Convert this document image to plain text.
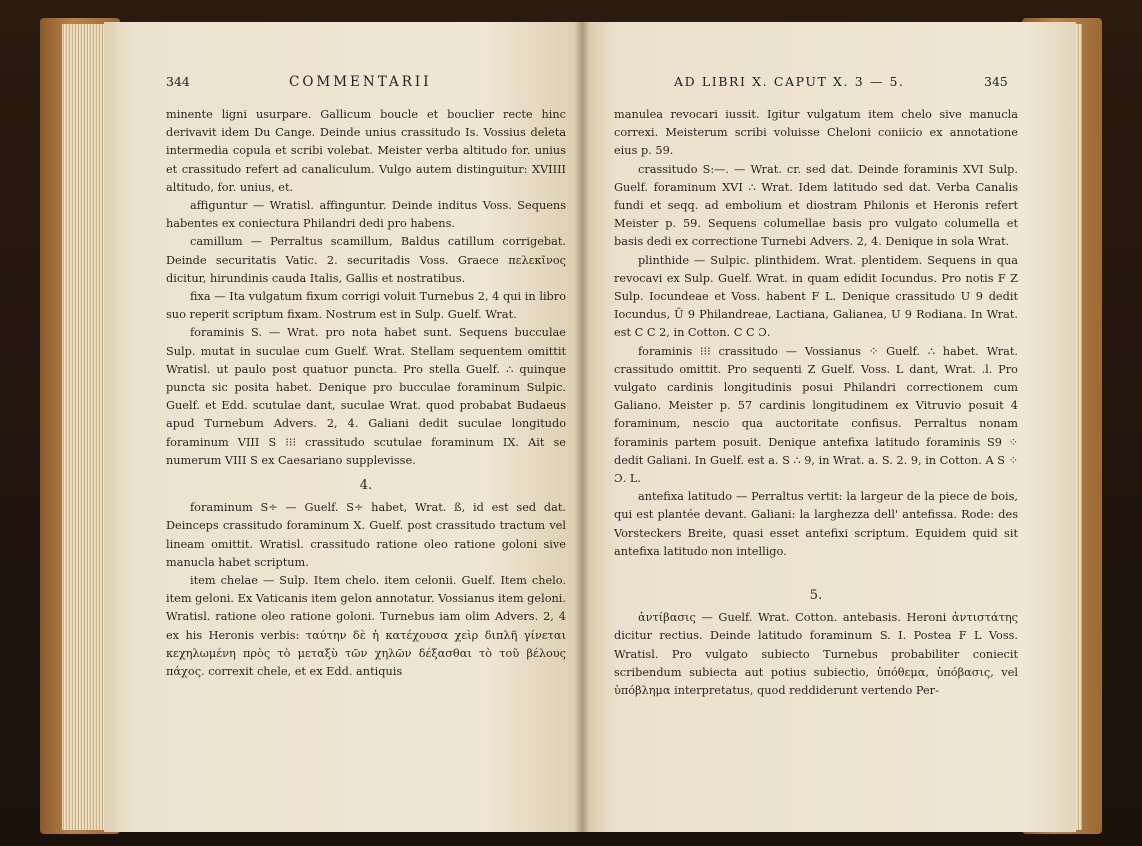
344	COMMENTARII

minente ligni usurpare. Gallicum boucle et bouclier recte hinc derivavit idem Du Cange. Deinde unius crassitudo Is. Vossius deleta intermedia copula et scribi volebat. Meister verba altitudo for. unius et crassitudo refert ad canaliculum. Vulgo autem distinguitur: XVIIII altitudo, for. unius, et.

affiguntur — Wratisl. affinguntur. Deinde inditus Voss. Sequens habentes ex coniectura Philandri dedi pro habens.

camillum — Perraltus scamillum, Baldus catillum corrigebat. Deinde securitatis Vatic. 2. securitadis Voss. Graece πελεκῖνος dicitur, hirundinis cauda Italis, Gallis et nostratibus.

fixa — Ita vulgatum fixum corrigi voluit Turnebus 2, 4 qui in libro suo reperit scriptum fixam. Nostrum est in Sulp. Guelf. Wrat.

foraminis S. — Wrat. pro nota habet sunt. Sequens bucculae Sulp. mutat in suculae cum Guelf. Wrat. Stellam sequentem omittit Wratisl. ut paulo post quatuor puncta. Pro stella Guelf. ∴ quinque puncta sic posita habet. Denique pro bucculae foraminum Sulpic. Guelf. et Edd. scutulae dant, suculae Wrat. quod probabat Budaeus apud Turnebum Advers. 2, 4. Galiani dedit suculae longitudo foraminum VIII S ⁝⁝⁝ crassitudo scutulae foraminum IX. Ait se numerum VIII S ex Caesariano supplevisse.

4.

foraminum S÷ — Guelf. S÷ habet, Wrat. ß, id est sed dat. Deinceps crassitudo foraminum X. Guelf. post crassitudo tractum vel lineam omittit. Wratisl. crassitudo ratione oleo ratione goloni sive manucla habet scriptum.

item chelae — Sulp. Item chelo. item celonii. Guelf. Item chelo. item geloni. Ex Vaticanis item gelon annotatur. Vossianus item geloni. Wratisl. ratione oleo ratione goloni. Turnebus iam olim Advers. 2, 4 ex his Heronis verbis: ταύτην δὲ ἡ κατέχουσα χεὶρ διπλῆ γίνεται κεχηλωμένη πρὸς τὸ μεταξὺ τῶν χηλῶν δέξασθαι τὸ τοῦ βέλους πάχος. correxit chele, et ex Edd. antiquis

AD LIBRI X. CAPUT X. 3 — 5.	345

manulea revocari iussit. Igitur vulgatum item chelo sive manucla correxi. Meisterum scribi voluisse Cheloni coniicio ex annotatione eius p. 59.

crassitudo S:—. — Wrat. cr. sed dat. Deinde foraminis XVI Sulp. Guelf. foraminum XVI ∴ Wrat. Idem latitudo sed dat. Verba Canalis fundi et seqq. ad embolium et diostram Philonis et Heronis refert Meister p. 59. Sequens columellae basis pro vulgato columella et basis dedi ex correctione Turnebi Advers. 2, 4. Denique in sola Wrat.

plinthide — Sulpic. plinthidem. Wrat. plentidem. Sequens in qua revocavi ex Sulp. Guelf. Wrat. in quam edidit Iocundus. Pro notis F Z Sulp. Iocundeae et Voss. habent F L. Denique crassitudo U 9 dedit Iocundus, Ū 9 Philandreae, Lactiana, Galianea, U 9 Rodiana. In Wrat. est C C 2, in Cotton. C C Ɔ.

foraminis ⁝⁝⁝ crassitudo — Vossianus ⁘ Guelf. ∴ habet. Wrat. crassitudo omittit. Pro sequenti Z Guelf. Voss. L dant, Wrat. .l. Pro vulgato cardinis longitudinis posui Philandri correctionem cum Galiano. Meister p. 57 cardinis longitudinem ex Vitruvio posuit 4 foraminum, nescio qua auctoritate confisus. Perraltus nonam foraminis partem posuit. Denique antefixa latitudo foraminis S9 ⁘ dedit Galiani. In Guelf. est a. S ∴ 9, in Wrat. a. S. 2. 9, in Cotton. A S ⁘ Ɔ. L.

antefixa latitudo — Perraltus vertit: la largeur de la piece de bois, qui est plantée devant. Galiani: la larghezza dell' antefissa. Rode: des Vorsteckers Breite, quasi esset antefixi scriptum. Equidem quid sit antefixa latitudo non intelligo.

5.

ἀντίβασις — Guelf. Wrat. Cotton. antebasis. Heroni ἀντιστάτης dicitur rectius. Deinde latitudo foraminum S. I. Postea F L Voss. Wratisl. Pro vulgato subiecto Turnebus probabiliter coniecit scribendum subiecta aut potius subiectio, ὑπόθεμα, ὑπόβασις, vel ὑπόβλημα interpretatus, quod reddiderunt vertendo Per-
